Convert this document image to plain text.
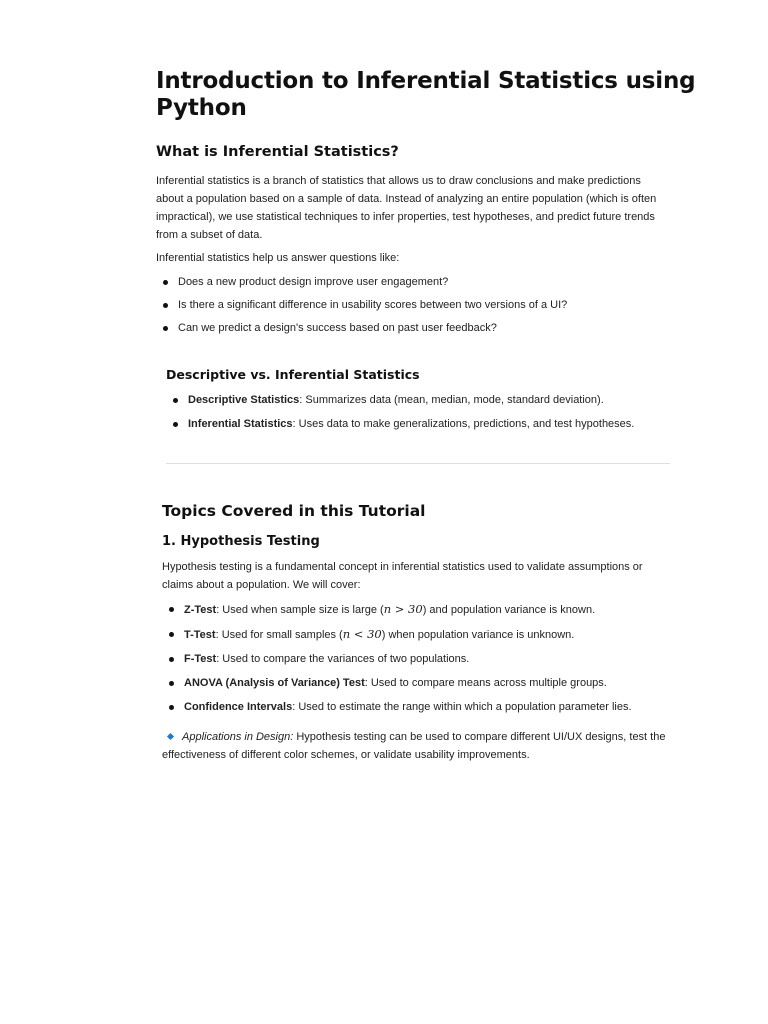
Introduction to Inferential Statistics using Python
What is Inferential Statistics?

Inferential statistics is a branch of statistics that allows us to draw conclusions and make predictions about a population based on a sample of data. Instead of analyzing an entire population (which is often impractical), we use statistical techniques to infer properties, test hypotheses, and predict future trends from a subset of data.

Inferential statistics help us answer questions like:

Does a new product design improve user engagement?
Is there a significant difference in usability scores between two versions of a UI?
Can we predict a design's success based on past user feedback?
Descriptive vs. Inferential Statistics
Descriptive Statistics: Summarizes data (mean, median, mode, standard deviation).
Inferential Statistics: Uses data to make generalizations, predictions, and test hypotheses.
Topics Covered in this Tutorial
1. Hypothesis Testing

Hypothesis testing is a fundamental concept in inferential statistics used to validate assumptions or claims about a population. We will cover:

Z-Test: Used when sample size is large (n > 30) and population variance is known.
T-Test: Used for small samples (n < 30) when population variance is unknown.
F-Test: Used to compare the variances of two populations.
ANOVA (Analysis of Variance) Test: Used to compare means across multiple groups.
Confidence Intervals: Used to estimate the range within which a population parameter lies.

Applications in Design: Hypothesis testing can be used to compare different UI/UX designs, test the effectiveness of different color schemes, or validate usability improvements.
